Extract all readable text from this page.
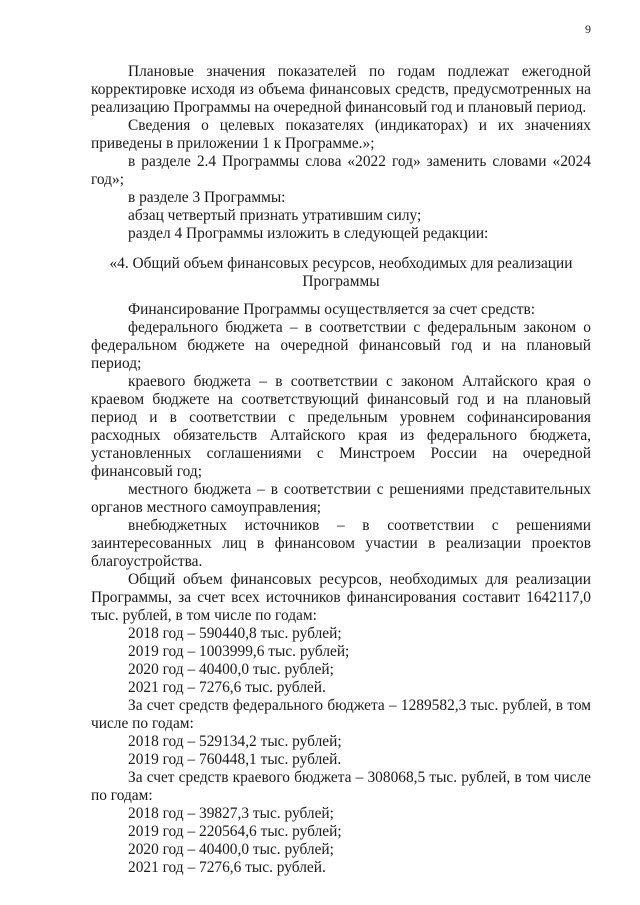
9

Плановые значения показателей по годам подлежат ежегодной корректировке исходя из объема финансовых средств, предусмотренных на реализацию Программы на очередной финансовый год и плановый период.

Сведения о целевых показателях (индикаторах) и их значениях приведены в приложении 1 к Программе.»;

в разделе 2.4 Программы слова «2022 год» заменить словами «2024 год»;

в разделе 3 Программы:

абзац четвертый признать утратившим силу;

раздел 4 Программы изложить в следующей редакции:

«4. Общий объем финансовых ресурсов, необходимых для реализации Программы

Финансирование Программы осуществляется за счет средств:

федерального бюджета – в соответствии с федеральным законом о федеральном бюджете на очередной финансовый год и на плановый период;

краевого бюджета – в соответствии с законом Алтайского края о краевом бюджете на соответствующий финансовый год и на плановый период и в соответствии с предельным уровнем софинансирования расходных обязательств Алтайского края из федерального бюджета, установленных соглашениями с Минстроем России на очередной финансовый год;

местного бюджета – в соответствии с решениями представительных органов местного самоуправления;

внебюджетных источников – в соответствии с решениями заинтересованных лиц в финансовом участии в реализации проектов благоустройства.

Общий объем финансовых ресурсов, необходимых для реализации Программы, за счет всех источников финансирования составит 1642117,0 тыс. рублей, в том числе по годам:

2018 год – 590440,8 тыс. рублей;

2019 год – 1003999,6 тыс. рублей;

2020 год – 40400,0 тыс. рублей;

2021 год – 7276,6 тыс. рублей.

За счет средств федерального бюджета – 1289582,3 тыс. рублей, в том числе по годам:

2018 год – 529134,2 тыс. рублей;

2019 год – 760448,1 тыс. рублей.

За счет средств краевого бюджета – 308068,5 тыс. рублей, в том числе по годам:

2018 год – 39827,3 тыс. рублей;

2019 год – 220564,6 тыс. рублей;

2020 год – 40400,0 тыс. рублей;

2021 год – 7276,6 тыс. рублей.
